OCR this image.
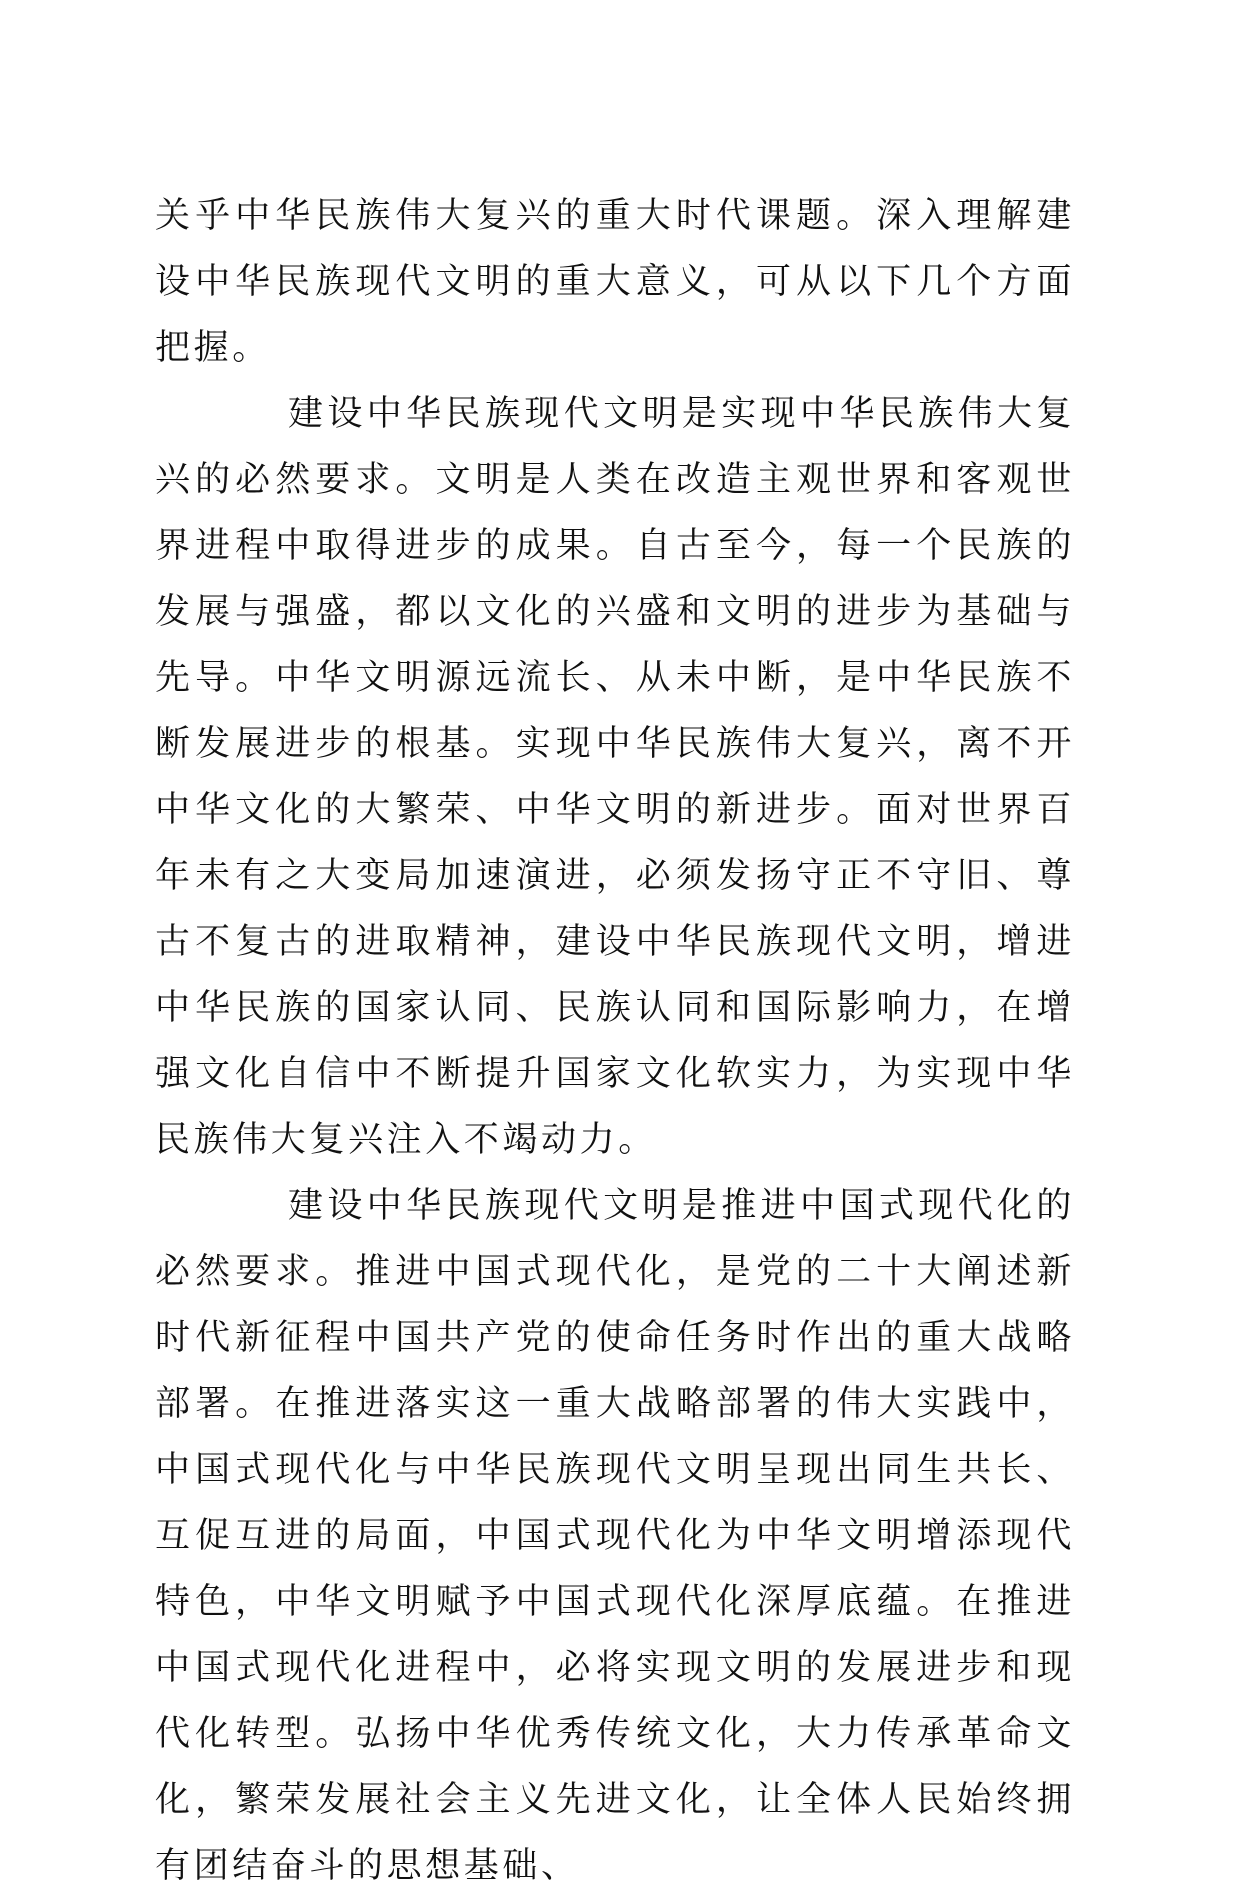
关乎中华民族伟大复兴的重大时代课题。深入理解建设中华民族现代文明的重大意义，可从以下几个方面把握。

建设中华民族现代文明是实现中华民族伟大复兴的必然要求。文明是人类在改造主观世界和客观世界进程中取得进步的成果。自古至今，每一个民族的发展与强盛，都以文化的兴盛和文明的进步为基础与先导。中华文明源远流长、从未中断，是中华民族不断发展进步的根基。实现中华民族伟大复兴，离不开中华文化的大繁荣、中华文明的新进步。面对世界百年未有之大变局加速演进，必须发扬守正不守旧、尊古不复古的进取精神，建设中华民族现代文明，增进中华民族的国家认同、民族认同和国际影响力，在增强文化自信中不断提升国家文化软实力，为实现中华民族伟大复兴注入不竭动力。

建设中华民族现代文明是推进中国式现代化的必然要求。推进中国式现代化，是党的二十大阐述新时代新征程中国共产党的使命任务时作出的重大战略部署。在推进落实这一重大战略部署的伟大实践中，中国式现代化与中华民族现代文明呈现出同生共长、互促互进的局面，中国式现代化为中华文明增添现代特色，中华文明赋予中国式现代化深厚底蕴。在推进中国式现代化进程中，必将实现文明的发展进步和现代化转型。弘扬中华优秀传统文化，大力传承革命文化，繁荣发展社会主义先进文化，让全体人民始终拥有团结奋斗的思想基础、
